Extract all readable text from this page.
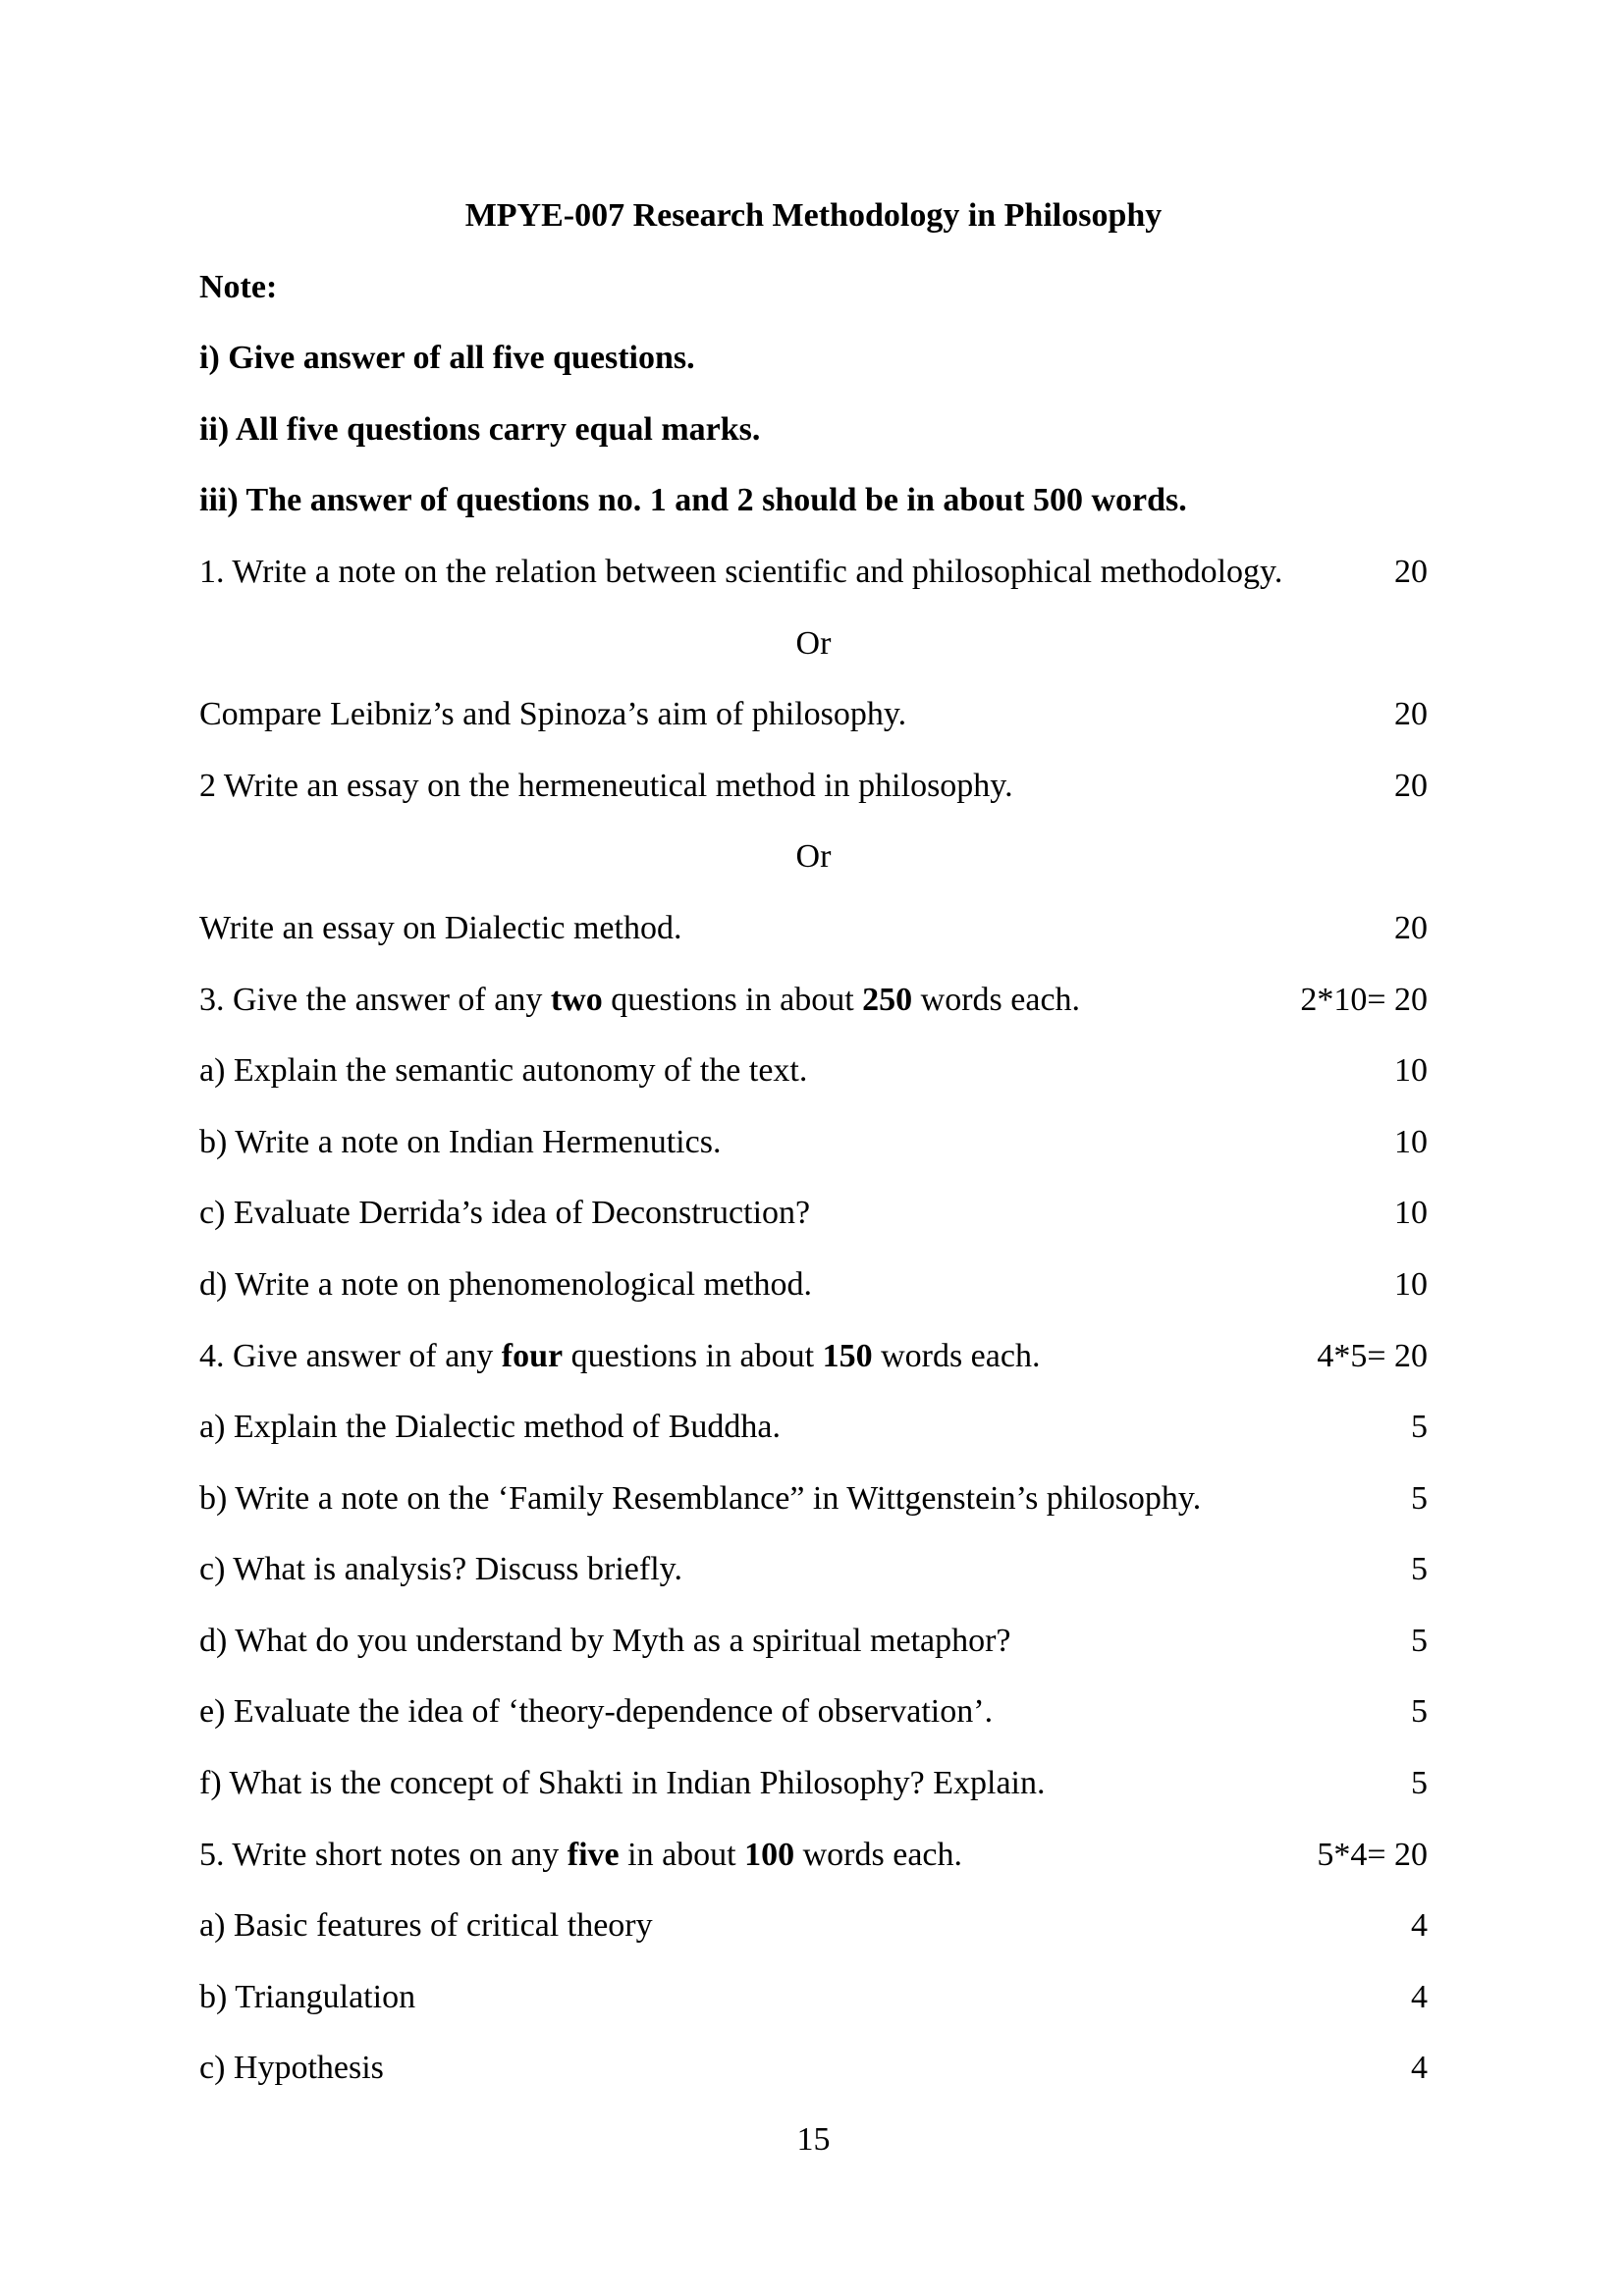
MPYE-007 Research Methodology in Philosophy
Note:
i) Give answer of all five questions.
ii) All five questions carry equal marks.
iii) The answer of questions no. 1 and 2 should be in about 500 words.
1. Write a note on the relation between scientific and philosophical methodology.	20
Or
Compare Leibniz’s and Spinoza’s aim of philosophy.	20
2 Write an essay on the hermeneutical method in philosophy.	20
Or
Write an essay on Dialectic method.	20
3. Give the answer of any two questions in about 250 words each.	2*10= 20
a) Explain the semantic autonomy of the text.	10
b) Write a note on Indian Hermenutics.	10
c) Evaluate Derrida’s idea of Deconstruction?	10
d) Write a note on phenomenological method.	10
4. Give answer of any four questions in about 150 words each.	4*5= 20
a) Explain the Dialectic method of Buddha.	5
b) Write a note on the ‘Family Resemblance” in Wittgenstein’s philosophy.	5
c) What is analysis? Discuss briefly.	5
d) What do you understand by Myth as a spiritual metaphor?	5
e) Evaluate the idea of ‘theory-dependence of observation’.	5
f) What is the concept of Shakti in Indian Philosophy? Explain.	5
5. Write short notes on any five in about 100 words each.	5*4= 20
a) Basic features of critical theory	4
b) Triangulation	4
c) Hypothesis	4
15
